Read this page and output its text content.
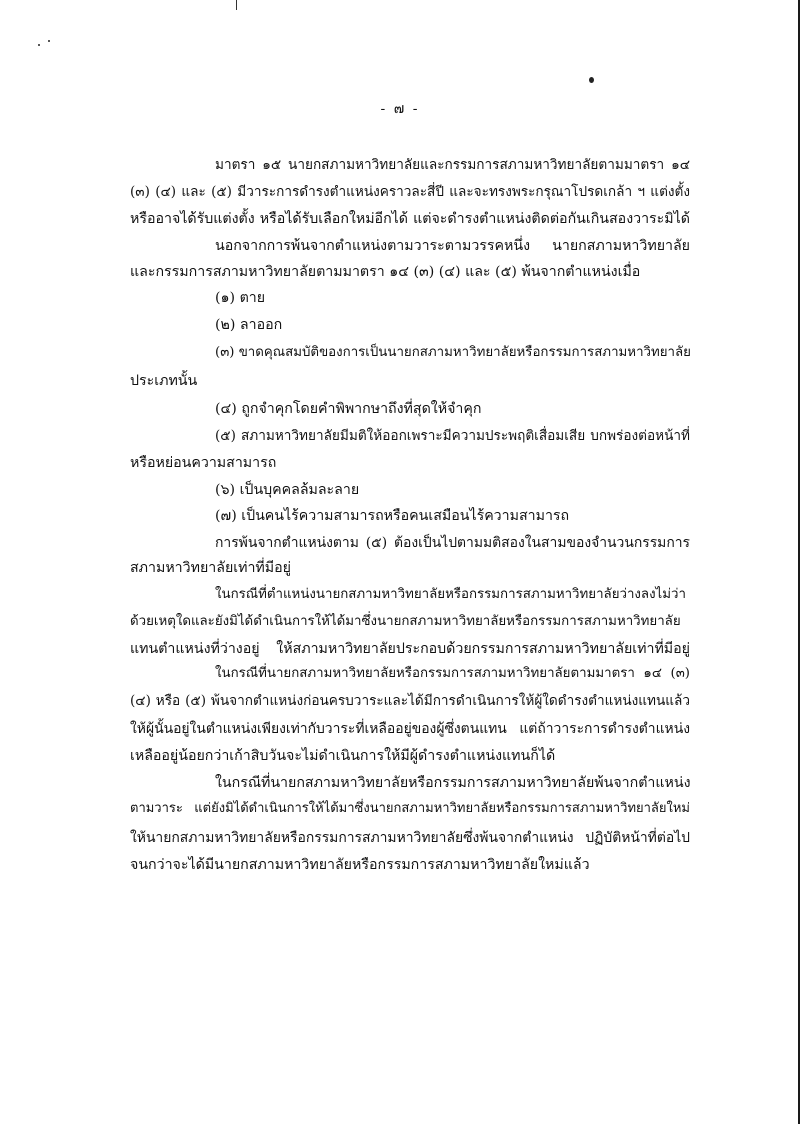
- ๗ -
มาตรา ๑๕ นายกสภามหาวิทยาลัยและกรรมการสภามหาวิทยาลัยตามมาตรา ๑๔
(๓) (๔) และ (๕) มีวาระการดำรงตำแหน่งคราวละสี่ปี และจะทรงพระกรุณาโปรดเกล้า ฯ แต่งตั้ง
หรืออาจได้รับแต่งตั้ง หรือได้รับเลือกใหม่อีกได้ แต่จะดำรงตำแหน่งติดต่อกันเกินสองวาระมิได้
นอกจากการพ้นจากตำแหน่งตามวาระตามวรรคหนึ่ง นายกสภามหาวิทยาลัย
และกรรมการสภามหาวิทยาลัยตามมาตรา ๑๔ (๓) (๔) และ (๕) พ้นจากตำแหน่งเมื่อ
(๑) ตาย
(๒) ลาออก
(๓) ขาดคุณสมบัติของการเป็นนายกสภามหาวิทยาลัยหรือกรรมการสภามหาวิทยาลัย
ประเภทนั้น
(๔) ถูกจำคุกโดยคำพิพากษาถึงที่สุดให้จำคุก
(๕) สภามหาวิทยาลัยมีมติให้ออกเพราะมีความประพฤติเสื่อมเสีย บกพร่องต่อหน้าที่
หรือหย่อนความสามารถ
(๖) เป็นบุคคลล้มละลาย
(๗) เป็นคนไร้ความสามารถหรือคนเสมือนไร้ความสามารถ
การพ้นจากตำแหน่งตาม (๕) ต้องเป็นไปตามมติสองในสามของจำนวนกรรมการ
สภามหาวิทยาลัยเท่าที่มีอยู่
ในกรณีที่ตำแหน่งนายกสภามหาวิทยาลัยหรือกรรมการสภามหาวิทยาลัยว่างลงไม่ว่า
ด้วยเหตุใดและยังมิได้ดำเนินการให้ได้มาซึ่งนายกสภามหาวิทยาลัยหรือกรรมการสภามหาวิทยาลัย
แทนตำแหน่งที่ว่างอยู่ ให้สภามหาวิทยาลัยประกอบด้วยกรรมการสภามหาวิทยาลัยเท่าที่มีอยู่
ในกรณีที่นายกสภามหาวิทยาลัยหรือกรรมการสภามหาวิทยาลัยตามมาตรา ๑๔ (๓)
(๔) หรือ (๕) พ้นจากตำแหน่งก่อนครบวาระและได้มีการดำเนินการให้ผู้ใดดำรงตำแหน่งแทนแล้ว
ให้ผู้นั้นอยู่ในตำแหน่งเพียงเท่ากับวาระที่เหลืออยู่ของผู้ซึ่งตนแทน แต่ถ้าวาระการดำรงตำแหน่ง
เหลืออยู่น้อยกว่าเก้าสิบวันจะไม่ดำเนินการให้มีผู้ดำรงตำแหน่งแทนก็ได้
ในกรณีที่นายกสภามหาวิทยาลัยหรือกรรมการสภามหาวิทยาลัยพ้นจากตำแหน่ง
ตามวาระ แต่ยังมิได้ดำเนินการให้ได้มาซึ่งนายกสภามหาวิทยาลัยหรือกรรมการสภามหาวิทยาลัยใหม่
ให้นายกสภามหาวิทยาลัยหรือกรรมการสภามหาวิทยาลัยซึ่งพ้นจากตำแหน่ง ปฏิบัติหน้าที่ต่อไป
จนกว่าจะได้มีนายกสภามหาวิทยาลัยหรือกรรมการสภามหาวิทยาลัยใหม่แล้ว
